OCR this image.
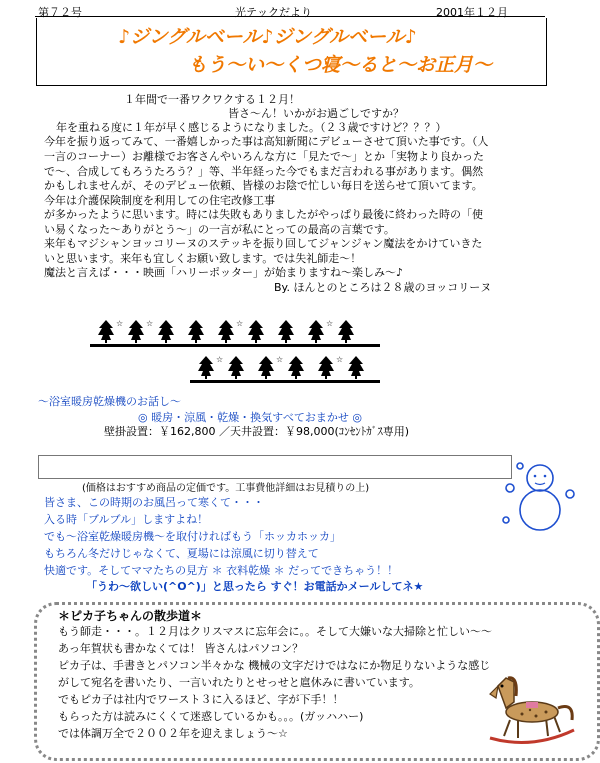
第７２号	光テックだより	2001年１２月
♪ジングルベール♪ジングルベール♪
もう〜い〜くつ寝〜ると〜お正月〜
１年間で一番ワクワクする１２月！
皆さ〜ん！いかがお過ごしですか？
年を重ねる度に１年が早く感じるようになりました。（２３歳ですけど？？？）
今年を振り返ってみて、一番嬉しかった事は高知新聞にデビューさせて頂いた事です。（人
一言のコーナー）お離様でお客さんやいろんな方に「見たで〜」とか「実物より良かった
で〜、合成してもろうたろう？」等、半年経った今でもまだ言われる事があります。偶然
かもしれませんが、そのデビュー依頼、皆様のお陰で忙しい毎日を送らせて頂いてます。
今年は介護保険制度を利用しての住宅改修工事
が多かったように思います。時には失敗もありましたがやっぱり最後に終わった時の「使
い易くなった〜ありがとう〜」の一言が私にとっての最高の言葉です。
来年もマジシャンヨッコリーヌのステッキを振り回してジャンジャン魔法をかけていきた
いと思います。来年も宜しくお願い致します。では失礼師走〜！
魔法と言えば・・・映画「ハリーポッター」が始まりますね〜楽しみ〜♪
By. ほんとのところは２８歳のヨッコリーヌ
☆	☆	☆	☆
☆	☆	☆
〜浴室暖房乾燥機のお話し〜
◎ 暖房・涼風・乾燥・換気すべておまかせ ◎
壁掛設置：￥162,800 ／天井設置：￥98,000(ｺﾝｾﾝﾄｶﾞｽ専用)
(価格はおすすめ商品の定価です。工事費他詳細はお見積りの上)
皆さま、この時期のお風呂って寒くて・・・
入る時「ブルブル」しますよね！
でも〜浴室乾燥暖房機〜を取付ければもう「ホッカホッカ」
もちろん冬だけじゃなくて、夏場には涼風に切り替えて
快適です。そしてママたちの見方 ＊ 衣料乾燥 ＊ だってできちゃう！！
「うわ〜欲しい(^O^)」と思ったら すぐ！お電話かメールしてネ★
＊ピカ子ちゃんの散歩道＊
もう師走・・・。１２月はクリスマスに忘年会に。。そして大嫌いな大掃除と忙しい〜〜
あっ年賀状も書かなくては！ 皆さんはパソコン？
ピカ子は、手書きとパソコン半々かな 機械の文字だけではなにか物足りないような感じ
がして宛名を書いたり、一言いれたりとせっせと扈休みに書いています。
でもピカ子は社内でワースト３に入るほど、字が下手！！
もらった方は読みにくくて迷惑しているかも。。。(ガッハハー)
では体調万全で２００２年を迎えましょう〜☆
